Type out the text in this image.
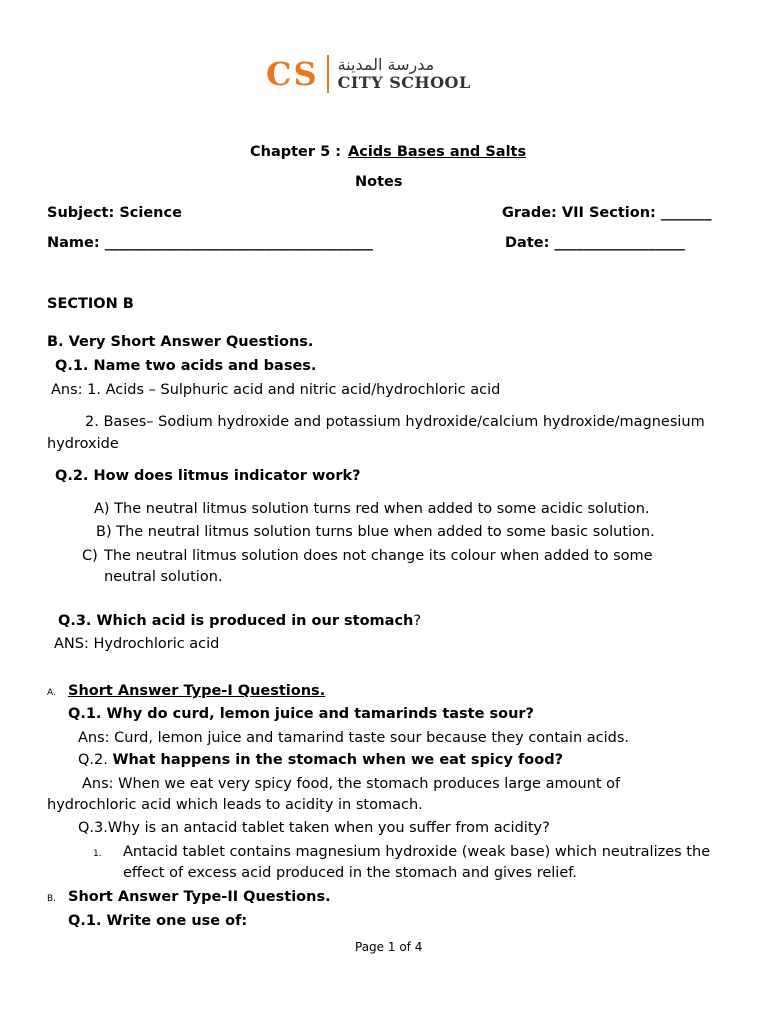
CS مدرسة المدينة
CITY SCHOOL
Chapter 5 : Acids Bases and Salts
Notes
Subject: Science	Grade: VII Section: _______
Name: _____________________________________	Date: __________________
SECTION B
B. Very Short Answer Questions.
Q.1. Name two acids and bases.
Ans: 1. Acids – Sulphuric acid and nitric acid/hydrochloric acid
2. Bases– Sodium hydroxide and potassium hydroxide/calcium hydroxide/magnesium
hydroxide
Q.2. How does litmus indicator work?
A) The neutral litmus solution turns red when added to some acidic solution.
B) The neutral litmus solution turns blue when added to some basic solution.
C) The neutral litmus solution does not change its colour when added to some
neutral solution.
Q.3. Which acid is produced in our stomach?
ANS: Hydrochloric acid
A. Short Answer Type-I Questions.
Q.1. Why do curd, lemon juice and tamarinds taste sour?
Ans: Curd, lemon juice and tamarind taste sour because they contain acids.
Q.2. What happens in the stomach when we eat spicy food?
Ans: When we eat very spicy food, the stomach produces large amount of
hydrochloric acid which leads to acidity in stomach.
Q.3.Why is an antacid tablet taken when you suffer from acidity?
1. Antacid tablet contains magnesium hydroxide (weak base) which neutralizes the
effect of excess acid produced in the stomach and gives relief.
B. Short Answer Type-II Questions.
Q.1. Write one use of:
Page 1 of 4
